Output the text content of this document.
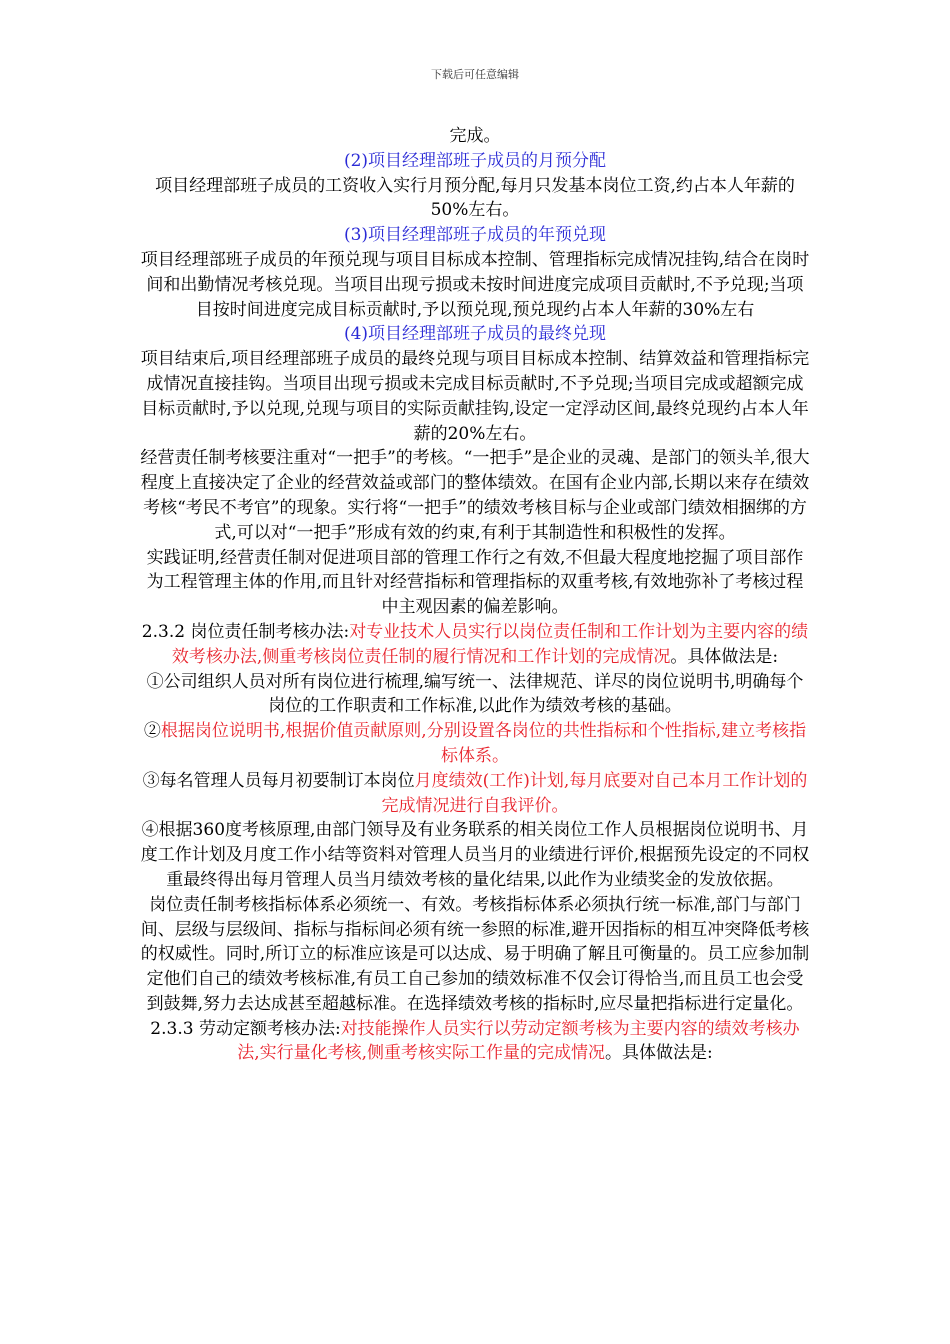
下载后可任意编辑

完成。

(2)项目经理部班子成员的月预分配

项目经理部班子成员的工资收入实行月预分配,每月只发基本岗位工资,约占本人年薪的50%左右。

(3)项目经理部班子成员的年预兑现

项目经理部班子成员的年预兑现与项目目标成本控制、管理指标完成情况挂钩,结合在岗时间和出勤情况考核兑现。当项目出现亏损或未按时间进度完成项目贡献时,不予兑现;当项目按时间进度完成目标贡献时,予以预兑现,预兑现约占本人年薪的30%左右

(4)项目经理部班子成员的最终兑现

项目结束后,项目经理部班子成员的最终兑现与项目目标成本控制、结算效益和管理指标完成情况直接挂钩。当项目出现亏损或未完成目标贡献时,不予兑现;当项目完成或超额完成目标贡献时,予以兑现,兑现与项目的实际贡献挂钩,设定一定浮动区间,最终兑现约占本人年薪的20%左右。

经营责任制考核要注重对“一把手”的考核。“一把手”是企业的灵魂、是部门的领头羊,很大程度上直接决定了企业的经营效益或部门的整体绩效。在国有企业内部,长期以来存在绩效考核“考民不考官”的现象。实行将“一把手”的绩效考核目标与企业或部门绩效相捆绑的方式,可以对“一把手”形成有效的约束,有利于其制造性和积极性的发挥。

实践证明,经营责任制对促进项目部的管理工作行之有效,不但最大程度地挖掘了项目部作为工程管理主体的作用,而且针对经营指标和管理指标的双重考核,有效地弥补了考核过程中主观因素的偏差影响。

2.3.2 岗位责任制考核办法:对专业技术人员实行以岗位责任制和工作计划为主要内容的绩效考核办法,侧重考核岗位责任制的履行情况和工作计划的完成情况。具体做法是:

①公司组织人员对所有岗位进行梳理,编写统一、法律规范、详尽的岗位说明书,明确每个岗位的工作职责和工作标准,以此作为绩效考核的基础。

②根据岗位说明书,根据价值贡献原则,分别设置各岗位的共性指标和个性指标,建立考核指标体系。

③每名管理人员每月初要制订本岗位月度绩效(工作)计划,每月底要对自己本月工作计划的完成情况进行自我评价。

④根据360度考核原理,由部门领导及有业务联系的相关岗位工作人员根据岗位说明书、月度工作计划及月度工作小结等资料对管理人员当月的业绩进行评价,根据预先设定的不同权重最终得出每月管理人员当月绩效考核的量化结果,以此作为业绩奖金的发放依据。

岗位责任制考核指标体系必须统一、有效。考核指标体系必须执行统一标准,部门与部门间、层级与层级间、指标与指标间必须有统一参照的标准,避开因指标的相互冲突降低考核的权威性。同时,所订立的标准应该是可以达成、易于明确了解且可衡量的。员工应参加制定他们自己的绩效考核标准,有员工自己参加的绩效标准不仅会订得恰当,而且员工也会受到鼓舞,努力去达成甚至超越标准。在选择绩效考核的指标时,应尽量把指标进行定量化。

2.3.3 劳动定额考核办法:对技能操作人员实行以劳动定额考核为主要内容的绩效考核办法,实行量化考核,侧重考核实际工作量的完成情况。具体做法是:
